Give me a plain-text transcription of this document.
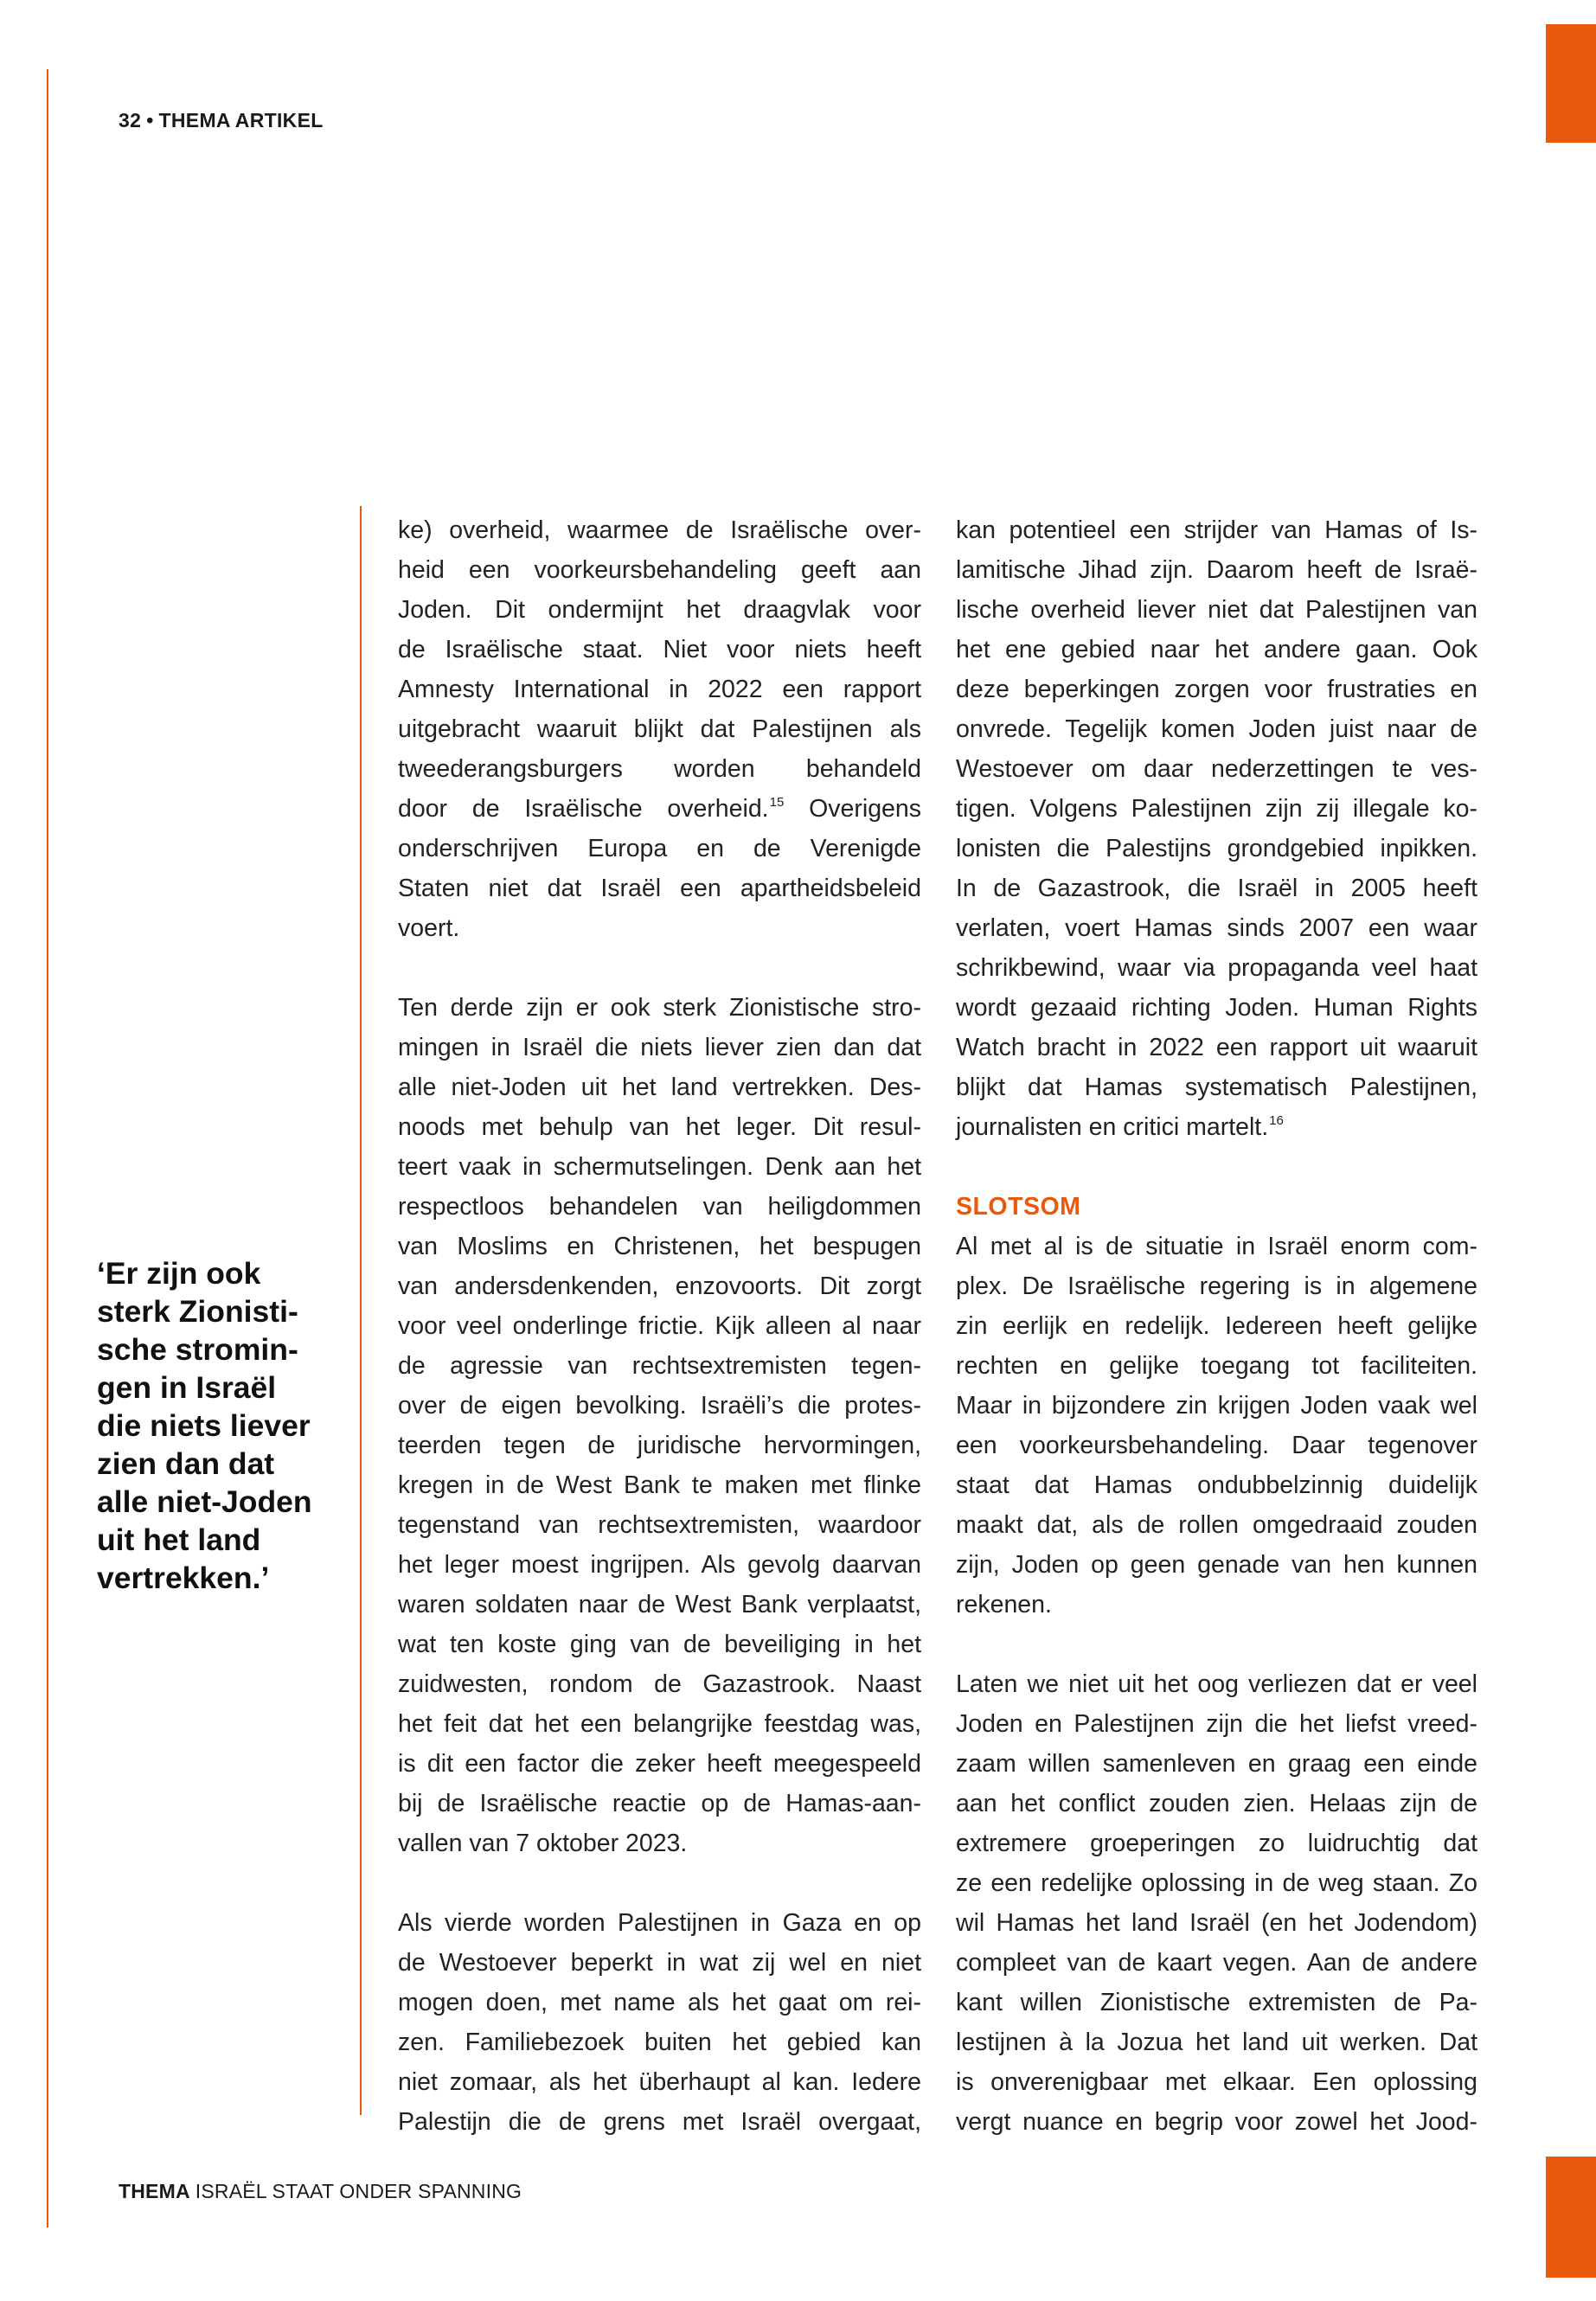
32 • THEMA ARTIKEL
‘Er zijn ook
sterk Zionisti-
sche stromin-
gen in Israël
die niets liever
zien dan dat
alle niet-Joden
uit het land
vertrekken.’

ke) overheid, waarmee de Israëlische over-
heid een voorkeursbehandeling geeft aan
Joden. Dit ondermijnt het draagvlak voor
de Israëlische staat. Niet voor niets heeft
Amnesty International in 2022 een rapport
uitgebracht waaruit blijkt dat Palestijnen als
tweederangsburgers worden behandeld
door de Israëlische overheid.$^{15}$ Overigens
onderschrijven Europa en de Verenigde
Staten niet dat Israël een apartheidsbeleid
voert.

Ten derde zijn er ook sterk Zionistische stro-
mingen in Israël die niets liever zien dan dat
alle niet-Joden uit het land vertrekken. Des-
noods met behulp van het leger. Dit resul-
teert vaak in schermutselingen. Denk aan het
respectloos behandelen van heiligdommen
van Moslims en Christenen, het bespugen
van andersdenkenden, enzovoorts. Dit zorgt
voor veel onderlinge frictie. Kijk alleen al naar
de agressie van rechtsextremisten tegen-
over de eigen bevolking. Israëli’s die protes-
teerden tegen de juridische hervormingen,
kregen in de West Bank te maken met flinke
tegenstand van rechtsextremisten, waardoor
het leger moest ingrijpen. Als gevolg daarvan
waren soldaten naar de West Bank verplaatst,
wat ten koste ging van de beveiliging in het
zuidwesten, rondom de Gazastrook. Naast
het feit dat het een belangrijke feestdag was,
is dit een factor die zeker heeft meegespeeld
bij de Israëlische reactie op de Hamas-aan-
vallen van 7 oktober 2023.

Als vierde worden Palestijnen in Gaza en op
de Westoever beperkt in wat zij wel en niet
mogen doen, met name als het gaat om rei-
zen. Familiebezoek buiten het gebied kan
niet zomaar, als het überhaupt al kan. Iedere
Palestijn die de grens met Israël overgaat,

kan potentieel een strijder van Hamas of Is-
lamitische Jihad zijn. Daarom heeft de Israë-
lische overheid liever niet dat Palestijnen van
het ene gebied naar het andere gaan. Ook
deze beperkingen zorgen voor frustraties en
onvrede. Tegelijk komen Joden juist naar de
Westoever om daar nederzettingen te ves-
tigen. Volgens Palestijnen zijn zij illegale ko-
lonisten die Palestijns grondgebied inpikken.
In de Gazastrook, die Israël in 2005 heeft
verlaten, voert Hamas sinds 2007 een waar
schrikbewind, waar via propaganda veel haat
wordt gezaaid richting Joden. Human Rights
Watch bracht in 2022 een rapport uit waaruit
blijkt dat Hamas systematisch Palestijnen,
journalisten en critici martelt.$^{16}$

SLOTSOM

Al met al is de situatie in Israël enorm com-
plex. De Israëlische regering is in algemene
zin eerlijk en redelijk. Iedereen heeft gelijke
rechten en gelijke toegang tot faciliteiten.
Maar in bijzondere zin krijgen Joden vaak wel
een voorkeursbehandeling. Daar tegenover
staat dat Hamas ondubbelzinnig duidelijk
maakt dat, als de rollen omgedraaid zouden
zijn, Joden op geen genade van hen kunnen
rekenen.

Laten we niet uit het oog verliezen dat er veel
Joden en Palestijnen zijn die het liefst vreed-
zaam willen samenleven en graag een einde
aan het conflict zouden zien. Helaas zijn de
extremere groeperingen zo luidruchtig dat
ze een redelijke oplossing in de weg staan. Zo
wil Hamas het land Israël (en het Jodendom)
compleet van de kaart vegen. Aan de andere
kant willen Zionistische extremisten de Pa-
lestijnen à la Jozua het land uit werken. Dat
is onverenigbaar met elkaar. Een oplossing
vergt nuance en begrip voor zowel het Jood-

THEMA ISRAËL STAAT ONDER SPANNING
